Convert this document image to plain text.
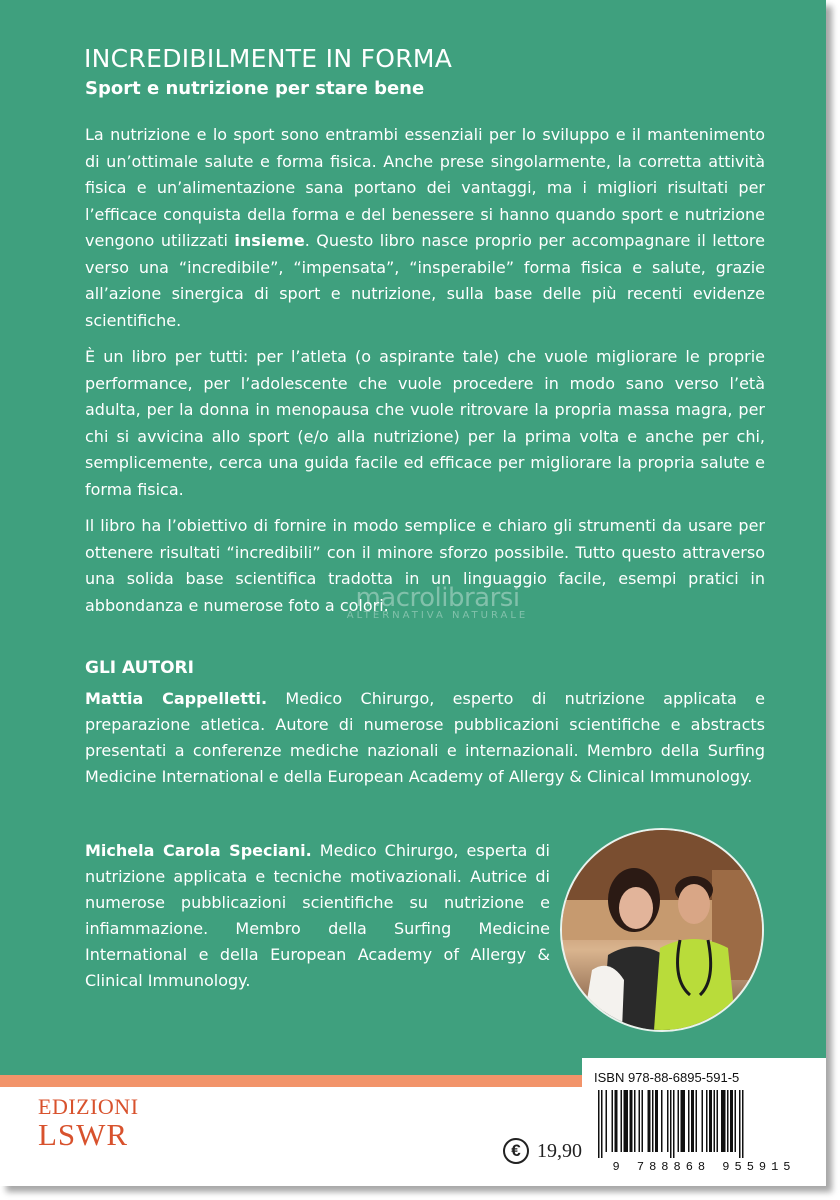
INCREDIBILMENTE IN FORMA
Sport e nutrizione per stare bene

La nutrizione e lo sport sono entrambi essenziali per lo sviluppo e il mantenimento di un’ottimale salute e forma fisica. Anche prese singolarmente, la corretta attività fisica e un’alimentazione sana portano dei vantaggi, ma i migliori risultati per l’efficace conquista della forma e del benessere si hanno quando sport e nutrizione vengono utilizzati insieme. Questo libro nasce proprio per accompagnare il lettore verso una “incredibile”, “impensata”, “insperabile” forma fisica e salute, grazie all’azione sinergica di sport e nutrizione, sulla base delle più recenti evidenze scientifiche.

È un libro per tutti: per l’atleta (o aspirante tale) che vuole migliorare le proprie performance, per l’adolescente che vuole procedere in modo sano verso l’età adulta, per la donna in menopausa che vuole ritrovare la propria massa magra, per chi si avvicina allo sport (e/o alla nutrizione) per la prima volta e anche per chi, semplicemente, cerca una guida facile ed efficace per migliorare la propria salute e forma fisica.

Il libro ha l’obiettivo di fornire in modo semplice e chiaro gli strumenti da usare per ottenere risultati “incredibili” con il minore sforzo possibile. Tutto questo attraverso una solida base scientifica tradotta in un linguaggio facile, esempi pratici in abbondanza e numerose foto a colori.

macrolibrarsi
ALTERNATIVA NATURALE
GLI AUTORI
Mattia Cappelletti. Medico Chirurgo, esperto di nutrizione applicata e preparazione atletica. Autore di numerose pubblicazioni scientifiche e abstracts presentati a conferenze mediche nazionali e internazionali. Membro della Surfing Medicine International e della European Academy of Allergy & Clinical Immunology.
Michela Carola Speciani. Medico Chirurgo, esperta di nutrizione applicata e tecniche motivazionali. Autrice di numerose pubblicazioni scientifiche su nutrizione e infiammazione. Membro della Surfing Medicine International e della European Academy of Allergy & Clinical Immunology.
EDIZIONI
LSWR	€ 19,90
ISBN 978-88-6895-591-5
9 788868 955915
